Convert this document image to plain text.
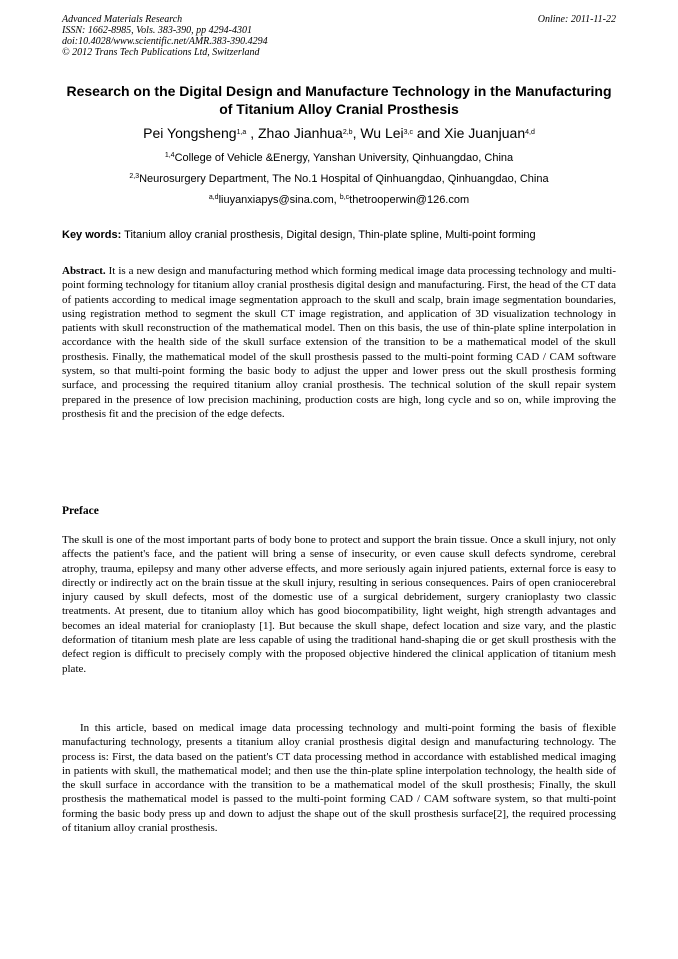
Advanced Materials Research
ISSN: 1662-8985, Vols. 383-390, pp 4294-4301
doi:10.4028/www.scientific.net/AMR.383-390.4294
© 2012 Trans Tech Publications Ltd, Switzerland
Online: 2011-11-22
Research on the Digital Design and Manufacture Technology in the Manufacturing of Titanium Alloy Cranial Prosthesis
Pei Yongsheng$^{1,a}$ , Zhao Jianhua$^{2,b}$, Wu Lei$^{3,c}$ and Xie Juanjuan$^{4,d}$
$^{1,4}$College of Vehicle &Energy, Yanshan University, Qinhuangdao, China
$^{2,3}$Neurosurgery Department, The No.1 Hospital of Qinhuangdao, Qinhuangdao, China
$^{a,d}$liuyanxiapys@sina.com, $^{b,c}$thetrooperwin@126.com
Key words: Titanium alloy cranial prosthesis, Digital design, Thin-plate spline, Multi-point forming
Abstract. It is a new design and manufacturing method which forming medical image data processing technology and multi-point forming technology for titanium alloy cranial prosthesis digital design and manufacturing. First, the head of the CT data of patients according to medical image segmentation approach to the skull and scalp, brain image segmentation boundaries, using registration method to segment the skull CT image registration, and application of 3D visualization technology in patients with skull reconstruction of the mathematical model. Then on this basis, the use of thin-plate spline interpolation in accordance with the health side of the skull surface extension of the transition to be a mathematical model of the skull prosthesis. Finally, the mathematical model of the skull prosthesis passed to the multi-point forming CAD / CAM software system, so that multi-point forming the basic body to adjust the upper and lower press out the skull prosthesis forming surface, and processing the required titanium alloy cranial prosthesis. The technical solution of the skull repair system prepared in the presence of low precision machining, production costs are high, long cycle and so on, while improving the prosthesis fit and the precision of the edge defects.
Preface
The skull is one of the most important parts of body bone to protect and support the brain tissue. Once a skull injury, not only affects the patient's face, and the patient will bring a sense of insecurity, or even cause skull defects syndrome, cerebral atrophy, trauma, epilepsy and many other adverse effects, and more seriously again injured patients, external force is easy to directly or indirectly act on the brain tissue at the skull injury, resulting in serious consequences. Pairs of open craniocerebral injury caused by skull defects, most of the domestic use of a surgical debridement, surgery cranioplasty two classic treatments. At present, due to titanium alloy which has good biocompatibility, light weight, high strength advantages and becomes an ideal material for cranioplasty [1]. But because the skull shape, defect location and size vary, and the plastic deformation of titanium mesh plate are less capable of using the traditional hand-shaping die or get skull prosthesis with the defect region is difficult to precisely comply with the proposed objective hindered the clinical application of titanium mesh plate.
In this article, based on medical image data processing technology and multi-point forming the basis of flexible manufacturing technology, presents a titanium alloy cranial prosthesis digital design and manufacturing technology. The process is: First, the data based on the patient's CT data processing method in accordance with established medical imaging in patients with skull, the mathematical model; and then use the thin-plate spline interpolation technology, the health side of the skull surface in accordance with the transition to be a mathematical model of the skull prosthesis; Finally, the skull prosthesis the mathematical model is passed to the multi-point forming CAD / CAM software system, so that multi-point forming the basic body press up and down to adjust the shape out of the skull prosthesis surface[2], the required processing of titanium alloy cranial prosthesis.
